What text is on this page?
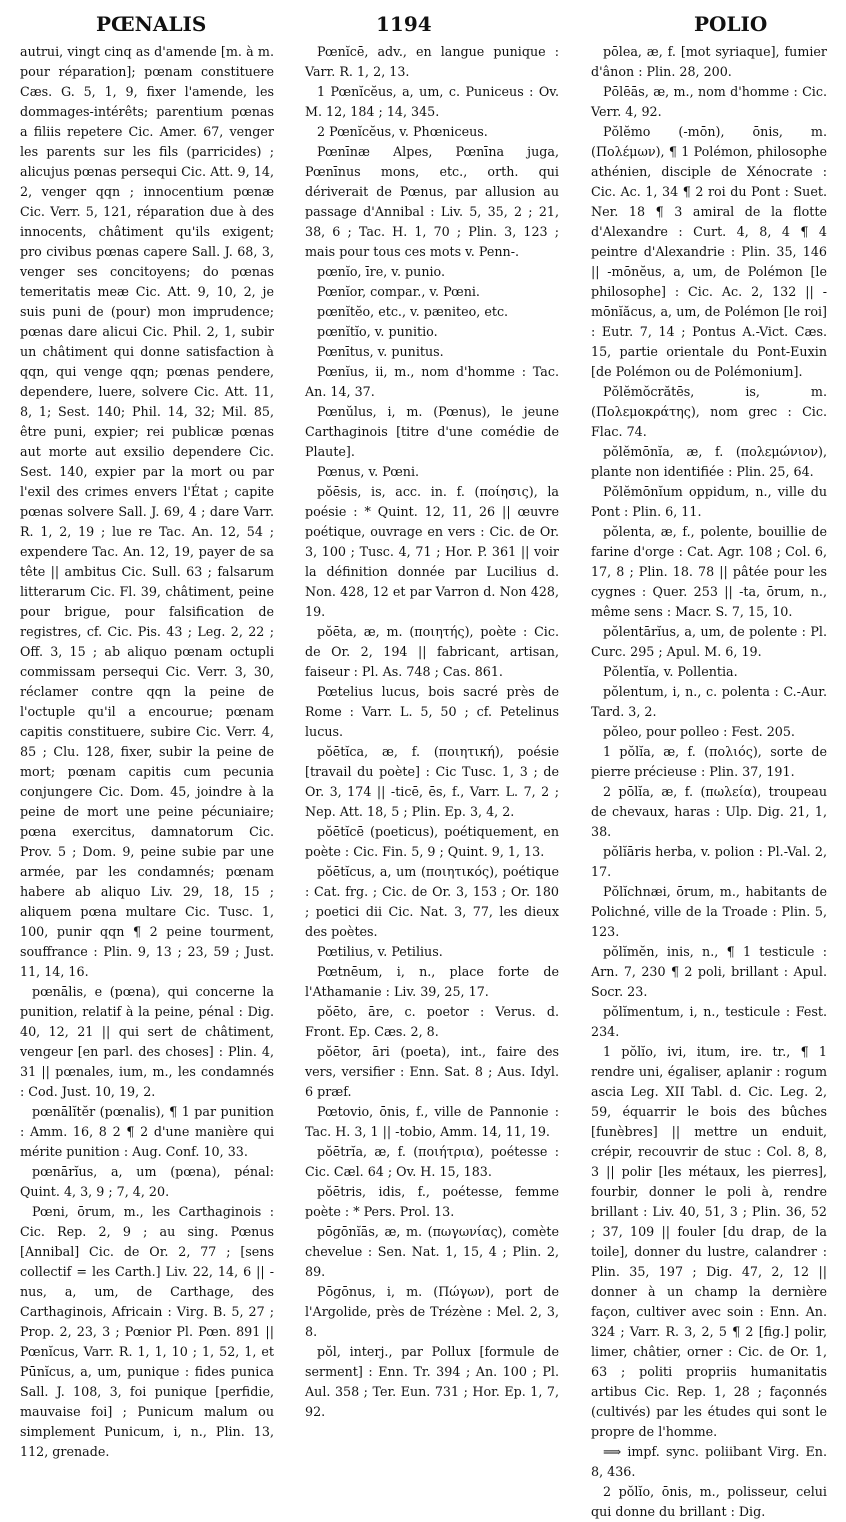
PŒNALIS	1194	POLIO

autrui, vingt cinq as d'amende [m. à m. pour réparation]; pœnam constituere Cæs. G. 5, 1, 9, fixer l'amende, les dommages-intérêts; parentium pœnas a filiis repetere Cic. Amer. 67, venger les parents sur les fils (parricides) ; alicujus pœnas persequi Cic. Att. 9, 14, 2, venger qqn ; innocentium pœnæ Cic. Verr. 5, 121, réparation due à des innocents, châtiment qu'ils exigent; pro civibus pœnas capere Sall. J. 68, 3, venger ses concitoyens; do pœnas temeritatis meæ Cic. Att. 9, 10, 2, je suis puni de (pour) mon imprudence; pœnas dare alicui Cic. Phil. 2, 1, subir un châtiment qui donne satisfaction à qqn, qui venge qqn; pœnas pendere, dependere, luere, solvere Cic. Att. 11, 8, 1; Sest. 140; Phil. 14, 32; Mil. 85, être puni, expier; rei publicæ pœnas aut morte aut exsilio dependere Cic. Sest. 140, expier par la mort ou par l'exil des crimes envers l'État ; capite pœnas solvere Sall. J. 69, 4 ; dare Varr. R. 1, 2, 19 ; lue re Tac. An. 12, 54 ; expendere Tac. An. 12, 19, payer de sa tête || ambitus Cic. Sull. 63 ; falsarum litterarum Cic. Fl. 39, châtiment, peine pour brigue, pour falsification de registres, cf. Cic. Pis. 43 ; Leg. 2, 22 ; Off. 3, 15 ; ab aliquo pœnam octupli commissam persequi Cic. Verr. 3, 30, réclamer contre qqn la peine de l'octuple qu'il a encourue; pœnam capitis constituere, subire Cic. Verr. 4, 85 ; Clu. 128, fixer, subir la peine de mort; pœnam capitis cum pecunia conjungere Cic. Dom. 45, joindre à la peine de mort une peine pécuniaire; pœna exercitus, damnatorum Cic. Prov. 5 ; Dom. 9, peine subie par une armée, par les condamnés; pœnam habere ab aliquo Liv. 29, 18, 15 ; aliquem pœna multare Cic. Tusc. 1, 100, punir qqn ¶ 2 peine tourment, souffrance : Plin. 9, 13 ; 23, 59 ; Just. 11, 14, 16.

pœnālis, e (pœna), qui concerne la punition, relatif à la peine, pénal : Dig. 40, 12, 21 || qui sert de châtiment, vengeur [en parl. des choses] : Plin. 4, 31 || pœnales, ium, m., les condamnés : Cod. Just. 10, 19, 2.

pœnālĭtĕr (pœnalis), ¶ 1 par punition : Amm. 16, 8 2 ¶ 2 d'une manière qui mérite punition : Aug. Conf. 10, 33.

pœnārĭus, a, um (pœna), pénal: Quint. 4, 3, 9 ; 7, 4, 20.

Pœni, ōrum, m., les Carthaginois : Cic. Rep. 2, 9 ; au sing. Pœnus [Annibal] Cic. de Or. 2, 77 ; [sens collectif = les Carth.] Liv. 22, 14, 6 || -nus, a, um, de Carthage, des Carthaginois, Africain : Virg. B. 5, 27 ; Prop. 2, 23, 3 ; Pœnior Pl. Pœn. 891 || Pœnĭcus, Varr. R. 1, 1, 10 ; 1, 52, 1, et Pūnĭcus, a, um, punique : fides punica Sall. J. 108, 3, foi punique [perfidie, mauvaise foi] ; Punicum malum ou simplement Punicum, i, n., Plin. 13, 112, grenade.

Pœnĭcē, adv., en langue punique : Varr. R. 1, 2, 13.

1 Pœnĭcĕus, a, um, c. Puniceus : Ov. M. 12, 184 ; 14, 345.

2 Pœnĭcĕus, v. Phœniceus.

Pœnīnæ Alpes, Pœnīna juga, Pœnīnus mons, etc., orth. qui dériverait de Pœnus, par allusion au passage d'Annibal : Liv. 5, 35, 2 ; 21, 38, 6 ; Tac. H. 1, 70 ; Plin. 3, 123 ; mais pour tous ces mots v. Penn-.

pœnĭo, īre, v. punio.

Pœnĭor, compar., v. Pœni.

pœnĭtĕo, etc., v. pæniteo, etc.

pœnĭtĭo, v. punitio.

Pœnītus, v. punitus.

Pœnĭus, ii, m., nom d'homme : Tac. An. 14, 37.

Pœnŭlus, i, m. (Pœnus), le jeune Carthaginois [titre d'une comédie de Plaute].

Pœnus, v. Pœni.

pŏēsis, is, acc. in. f. (ποίησις), la poésie : * Quint. 12, 11, 26 || œuvre poétique, ouvrage en vers : Cic. de Or. 3, 100 ; Tusc. 4, 71 ; Hor. P. 361 || voir la définition donnée par Lucilius d. Non. 428, 12 et par Varron d. Non 428, 19.

pŏēta, æ, m. (ποιητής), poète : Cic. de Or. 2, 194 || fabricant, artisan, faiseur : Pl. As. 748 ; Cas. 861.

Pœtelius lucus, bois sacré près de Rome : Varr. L. 5, 50 ; cf. Petelinus lucus.

pŏētĭca, æ, f. (ποιητική), poésie [travail du poète] : Cic Tusc. 1, 3 ; de Or. 3, 174 || -ticē, ēs, f., Varr. L. 7, 2 ; Nep. Att. 18, 5 ; Plin. Ep. 3, 4, 2.

pŏētĭcē (poeticus), poétiquement, en poète : Cic. Fin. 5, 9 ; Quint. 9, 1, 13.

pŏētĭcus, a, um (ποιητικός), poétique : Cat. frg. ; Cic. de Or. 3, 153 ; Or. 180 ; poetici dii Cic. Nat. 3, 77, les dieux des poètes.

Pœtilius, v. Petilius.

Pœtnēum, i, n., place forte de l'Athamanie : Liv. 39, 25, 17.

pŏēto, āre, c. poetor : Verus. d. Front. Ep. Cæs. 2, 8.

pŏētor, āri (poeta), int., faire des vers, versifier : Enn. Sat. 8 ; Aus. Idyl. 6 præf.

Pœtovio, ōnis, f., ville de Pannonie : Tac. H. 3, 1 || -tobio, Amm. 14, 11, 19.

pŏētrĭa, æ, f. (ποιήτρια), poétesse : Cic. Cæl. 64 ; Ov. H. 15, 183.

pŏētris, idis, f., poétesse, femme poète : * Pers. Prol. 13.

pōgōnĭās, æ, m. (πωγωνίας), comète chevelue : Sen. Nat. 1, 15, 4 ; Plin. 2, 89.

Pōgōnus, i, m. (Πώγων), port de l'Argolide, près de Trézène : Mel. 2, 3, 8.

pŏl, interj., par Pollux [formule de serment] : Enn. Tr. 394 ; An. 100 ; Pl. Aul. 358 ; Ter. Eun. 731 ; Hor. Ep. 1, 7, 92.

pōlea, æ, f. [mot syriaque], fumier d'ânon : Plin. 28, 200.

Pōlēās, æ, m., nom d'homme : Cic. Verr. 4, 92.

Pŏlĕmo (-mōn), ōnis, m. (Πολέμων), ¶ 1 Polémon, philosophe athénien, disciple de Xénocrate : Cic. Ac. 1, 34 ¶ 2 roi du Pont : Suet. Ner. 18 ¶ 3 amiral de la flotte d'Alexandre : Curt. 4, 8, 4 ¶ 4 peintre d'Alexandrie : Plin. 35, 146 || -mōnĕus, a, um, de Polémon [le philosophe] : Cic. Ac. 2, 132 || -mōnĭăcus, a, um, de Polémon [le roi] : Eutr. 7, 14 ; Pontus A.-Vict. Cæs. 15, partie orientale du Pont-Euxin [de Polémon ou de Polémonium].

Pŏlĕmŏcrătēs, is, m. (Πολεμοκράτης), nom grec : Cic. Flac. 74.

pŏlĕmōnĭa, æ, f. (πολεμώνιον), plante non identifiée : Plin. 25, 64.

Pŏlĕmōnĭum oppidum, n., ville du Pont : Plin. 6, 11.

pŏlenta, æ, f., polente, bouillie de farine d'orge : Cat. Agr. 108 ; Col. 6, 17, 8 ; Plin. 18. 78 || pâtée pour les cygnes : Quer. 253 || -ta, ōrum, n., même sens : Macr. S. 7, 15, 10.

pŏlentārĭus, a, um, de polente : Pl. Curc. 295 ; Apul. M. 6, 19.

Pŏlentĭa, v. Pollentia.

pŏlentum, i, n., c. polenta : C.-Aur. Tard. 3, 2.

pŏleo, pour polleo : Fest. 205.

1 pŏlĭa, æ, f. (πολιός), sorte de pierre précieuse : Plin. 37, 191.

2 pōlĭa, æ, f. (πωλεία), troupeau de chevaux, haras : Ulp. Dig. 21, 1, 38.

pŏlĭāris herba, v. polion : Pl.-Val. 2, 17.

Pŏlĭchnæi, ōrum, m., habitants de Polichné, ville de la Troade : Plin. 5, 123.

pŏlĭmĕn, inis, n., ¶ 1 testicule : Arn. 7, 230 ¶ 2 poli, brillant : Apul. Socr. 23.

pŏlĭmentum, i, n., testicule : Fest. 234.

1 pŏlĭo, ivi, itum, ire. tr., ¶ 1 rendre uni, égaliser, aplanir : rogum ascia Leg. XII Tabl. d. Cic. Leg. 2, 59, équarrir le bois des bûches [funèbres] || mettre un enduit, crépir, recouvrir de stuc : Col. 8, 8, 3 || polir [les métaux, les pierres], fourbir, donner le poli à, rendre brillant : Liv. 40, 51, 3 ; Plin. 36, 52 ; 37, 109 || fouler [du drap, de la toile], donner du lustre, calandrer : Plin. 35, 197 ; Dig. 47, 2, 12 || donner à un champ la dernière façon, cultiver avec soin : Enn. An. 324 ; Varr. R. 3, 2, 5 ¶ 2 [fig.] polir, limer, châtier, orner : Cic. de Or. 1, 63 ; politi propriis humanitatis artibus Cic. Rep. 1, 28 ; façonnés (cultivés) par les études qui sont le propre de l'homme.

⟹ impf. sync. poliibant Virg. En. 8, 436.

2 pŏlĭo, ōnis, m., polisseur, celui qui donne du brillant : Dig.
